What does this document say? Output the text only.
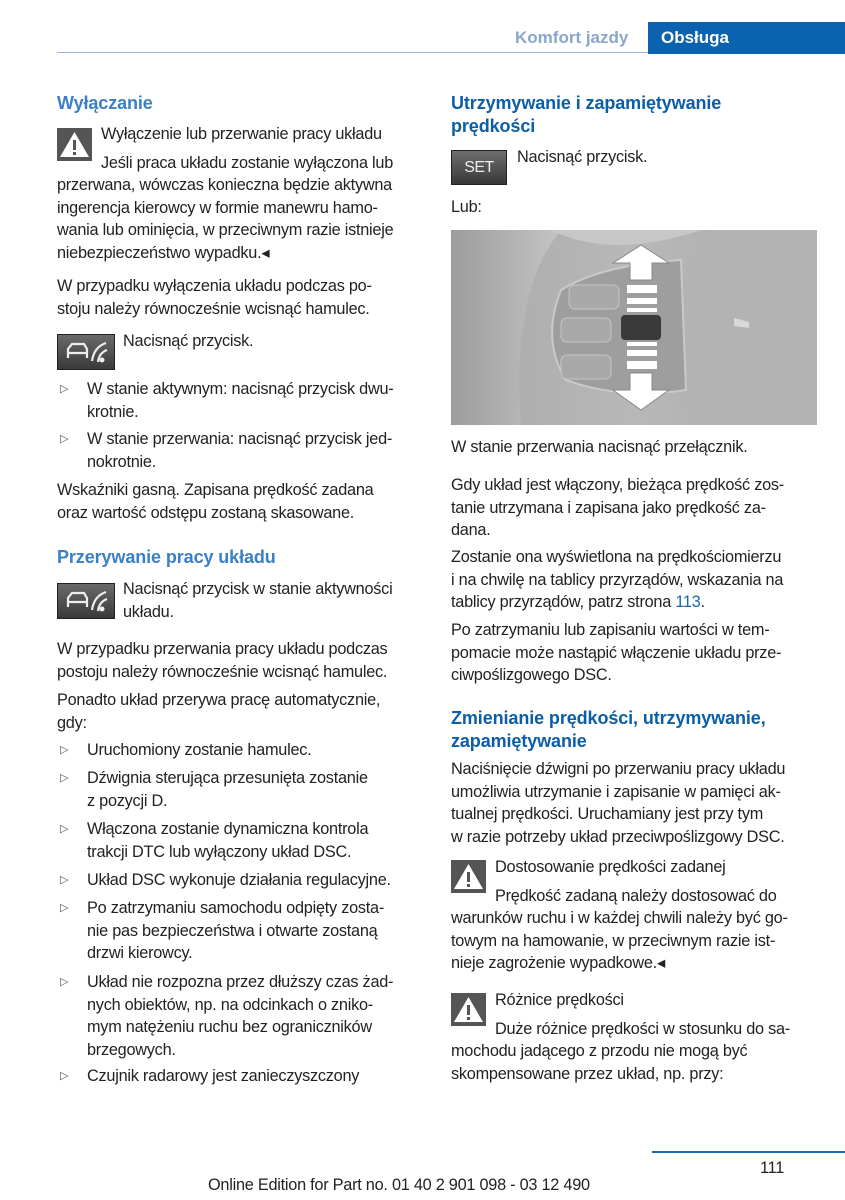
Komfort jazdy Obsługa
Wyłączanie
Wyłączenie lub przerwanie pracy układu
Jeśli praca układu zostanie wyłączona lub
przerwana, wówczas konieczna będzie aktywna
ingerencja kierowcy w formie manewru hamo-
wania lub ominięcia, w przeciwnym razie istnieje
niebezpieczeństwo wypadku.◂
W przypadku wyłączenia układu podczas po-
stoju należy równocześnie wcisnąć hamulec.
Nacisnąć przycisk.
▷ W stanie aktywnym: nacisnąć przycisk dwu-
krotnie.
▷ W stanie przerwania: nacisnąć przycisk jed-
nokrotnie.
Wskaźniki gasną. Zapisana prędkość zadana
oraz wartość odstępu zostaną skasowane.
Przerywanie pracy układu
Nacisnąć przycisk w stanie aktywności
układu.
W przypadku przerwania pracy układu podczas
postoju należy równocześnie wcisnąć hamulec.
Ponadto układ przerywa pracę automatycznie,
gdy:
▷ Uruchomiony zostanie hamulec.
▷ Dźwignia sterująca przesunięta zostanie
z pozycji D.
▷ Włączona zostanie dynamiczna kontrola
trakcji DTC lub wyłączony układ DSC.
▷ Układ DSC wykonuje działania regulacyjne.
▷ Po zatrzymaniu samochodu odpięty zosta-
nie pas bezpieczeństwa i otwarte zostaną
drzwi kierowcy.
▷ Układ nie rozpozna przez dłuższy czas żad-
nych obiektów, np. na odcinkach o zniko-
mym natężeniu ruchu bez ograniczników
brzegowych.
▷ Czujnik radarowy jest zanieczyszczony
Utrzymywanie i zapamiętywanie
prędkości
SET
Nacisnąć przycisk.
Lub:
W stanie przerwania nacisnąć przełącznik.
Gdy układ jest włączony, bieżąca prędkość zos-
tanie utrzymana i zapisana jako prędkość za-
dana.
Zostanie ona wyświetlona na prędkościomierzu
i na chwilę na tablicy przyrządów, wskazania na
tablicy przyrządów, patrz strona 113.
Po zatrzymaniu lub zapisaniu wartości w tem-
pomacie może nastąpić włączenie układu prze-
ciwpoślizgowego DSC.
Zmienianie prędkości, utrzymywanie,
zapamiętywanie
Naciśnięcie dźwigni po przerwaniu pracy układu
umożliwia utrzymanie i zapisanie w pamięci ak-
tualnej prędkości. Uruchamiany jest przy tym
w razie potrzeby układ przeciwpoślizgowy DSC.
Dostosowanie prędkości zadanej
Prędkość zadaną należy dostosować do
warunków ruchu i w każdej chwili należy być go-
towym na hamowanie, w przeciwnym razie ist-
nieje zagrożenie wypadkowe.◂
Różnice prędkości
Duże różnice prędkości w stosunku do sa-
mochodu jadącego z przodu nie mogą być
skompensowane przez układ, np. przy:
111
Online Edition for Part no. 01 40 2 901 098 - 03 12 490
